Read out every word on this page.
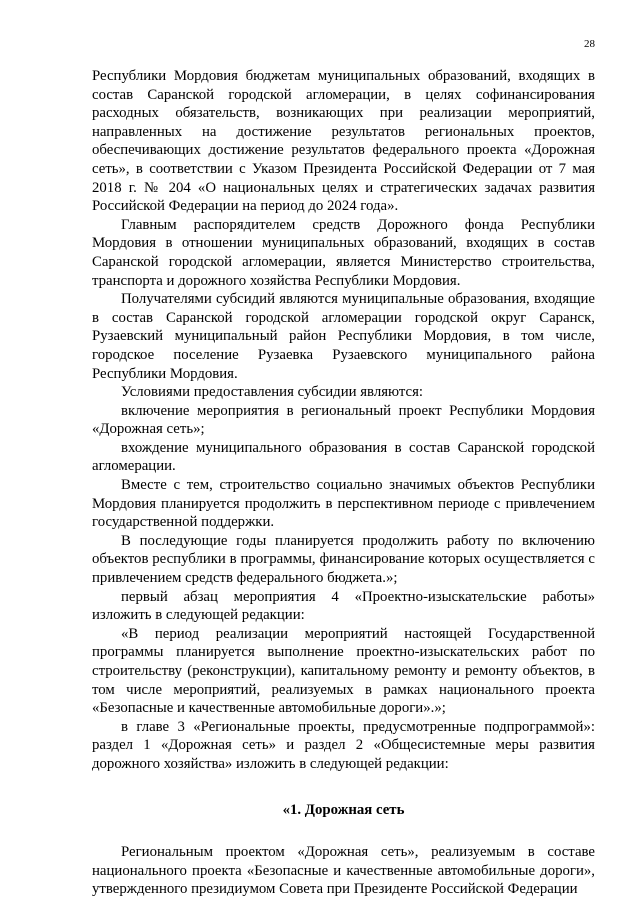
28

Республики Мордовия бюджетам муниципальных образований, входящих в состав Саранской городской агломерации, в целях софинансирования расходных обязательств, возникающих при реализации мероприятий, направленных на достижение результатов региональных проектов, обеспечивающих достижение результатов федерального проекта «Дорожная сеть», в соответствии с Указом Президента Российской Федерации от 7 мая 2018 г. № 204 «О национальных целях и стратегических задачах развития Российской Федерации на период до 2024 года».

Главным распорядителем средств Дорожного фонда Республики Мордовия в отношении муниципальных образований, входящих в состав Саранской городской агломерации, является Министерство строительства, транспорта и дорожного хозяйства Республики Мордовия.

Получателями субсидий являются муниципальные образования, входящие в состав Саранской городской агломерации городской округ Саранск, Рузаевский муниципальный район Республики Мордовия, в том числе, городское поселение Рузаевка Рузаевского муниципального района Республики Мордовия.

Условиями предоставления субсидии являются:

включение мероприятия в региональный проект Республики Мордовия «Дорожная сеть»;

вхождение муниципального образования в состав Саранской городской агломерации.

Вместе с тем, строительство социально значимых объектов Республики Мордовия планируется продолжить в перспективном периоде с привлечением государственной поддержки.

В последующие годы планируется продолжить работу по включению объектов республики в программы, финансирование которых осуществляется с привлечением средств федерального бюджета.»;

первый абзац мероприятия 4 «Проектно-изыскательские работы» изложить в следующей редакции:

«В период реализации мероприятий настоящей Государственной программы планируется выполнение проектно-изыскательских работ по строительству (реконструкции), капитальному ремонту и ремонту объектов, в том числе мероприятий, реализуемых в рамках национального проекта «Безопасные и качественные автомобильные дороги».»;

в главе 3 «Региональные проекты, предусмотренные подпрограммой»: раздел 1 «Дорожная сеть» и раздел 2 «Общесистемные меры развития дорожного хозяйства» изложить в следующей редакции:

«1. Дорожная сеть

Региональным проектом «Дорожная сеть», реализуемым в составе национального проекта «Безопасные и качественные автомобильные дороги», утвержденного президиумом Совета при Президенте Российской Федерации
